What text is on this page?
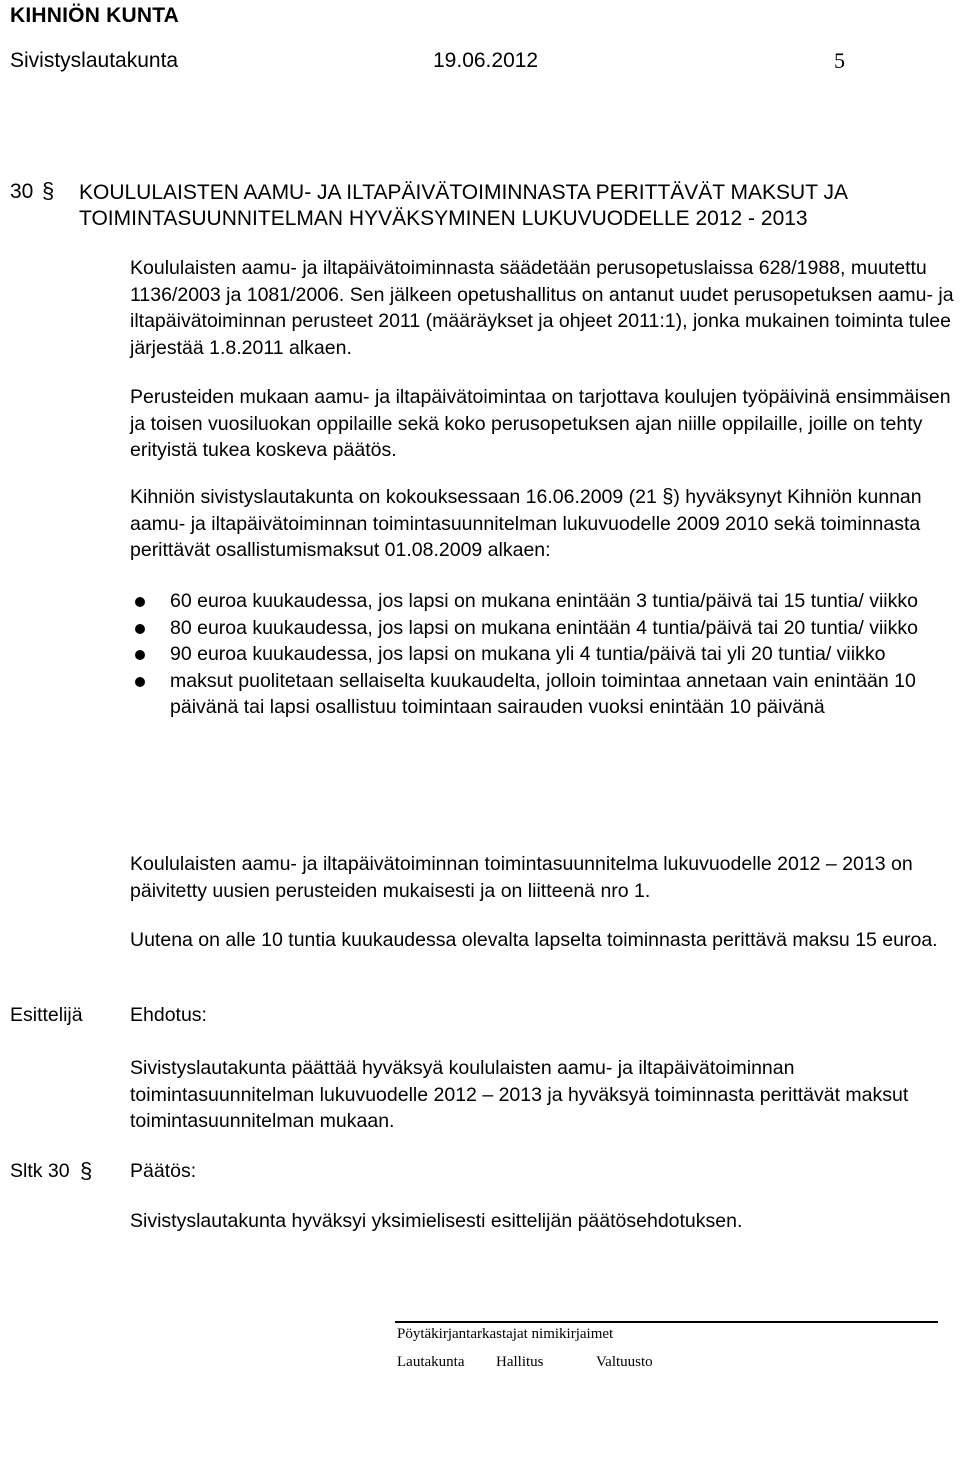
KIHNIÖN KUNTA
Sivistyslautakunta	19.06.2012	5
30 § KOULULAISTEN AAMU- JA ILTAPÄIVÄTOIMINNASTA PERITTÄVÄT MAKSUT JA TOIMINTASUUNNITELMAN HYVÄKSYMINEN LUKUVUODELLE 2012 - 2013

Koululaisten aamu- ja iltapäivätoiminnasta säädetään perusopetuslaissa 628/1988, muutettu 1136/2003 ja 1081/2006. Sen jälkeen opetushallitus on antanut uudet perusopetuksen aamu- ja iltapäivätoiminnan perusteet 2011 (määräykset ja ohjeet 2011:1), jonka mukainen toiminta tulee järjestää 1.8.2011 alkaen.

Perusteiden mukaan aamu- ja iltapäivätoimintaa on tarjottava koulujen työpäivinä ensimmäisen ja toisen vuosiluokan oppilaille sekä koko perusopetuksen ajan niille oppilaille, joille on tehty erityistä tukea koskeva päätös.

Kihniön sivistyslautakunta on kokouksessaan 16.06.2009 (21 §) hyväksynyt Kihniön kunnan aamu- ja iltapäivätoiminnan toimintasuunnitelman lukuvuodelle 2009 2010 sekä toiminnasta perittävät osallistumismaksut 01.08.2009 alkaen:

60 euroa kuukaudessa, jos lapsi on mukana enintään 3 tuntia/päivä tai 15 tuntia/ viikko
80 euroa kuukaudessa, jos lapsi on mukana enintään 4 tuntia/päivä tai 20 tuntia/ viikko
90 euroa kuukaudessa, jos lapsi on mukana yli 4 tuntia/päivä tai yli 20 tuntia/ viikko
maksut puolitetaan sellaiselta kuukaudelta, jolloin toimintaa annetaan vain enintään 10 päivänä tai lapsi osallistuu toimintaan sairauden vuoksi enintään 10 päivänä

Koululaisten aamu- ja iltapäivätoiminnan toimintasuunnitelma lukuvuodelle 2012 – 2013 on päivitetty uusien perusteiden mukaisesti ja on liitteenä nro 1.

Uutena on alle 10 tuntia kuukaudessa olevalta lapselta toiminnasta perittävä maksu 15 euroa.

Esittelijä Ehdotus:

Sivistyslautakunta päättää hyväksyä koululaisten aamu- ja iltapäivätoiminnan toimintasuunnitelman lukuvuodelle 2012 – 2013 ja hyväksyä toiminnasta perittävät maksut toimintasuunnitelman mukaan.

Sltk 30 § Päätös:

Sivistyslautakunta hyväksyi yksimielisesti esittelijän päätösehdotuksen.

Pöytäkirjantarkastajat nimikirjaimet
Lautakunta Hallitus	Valtuusto
